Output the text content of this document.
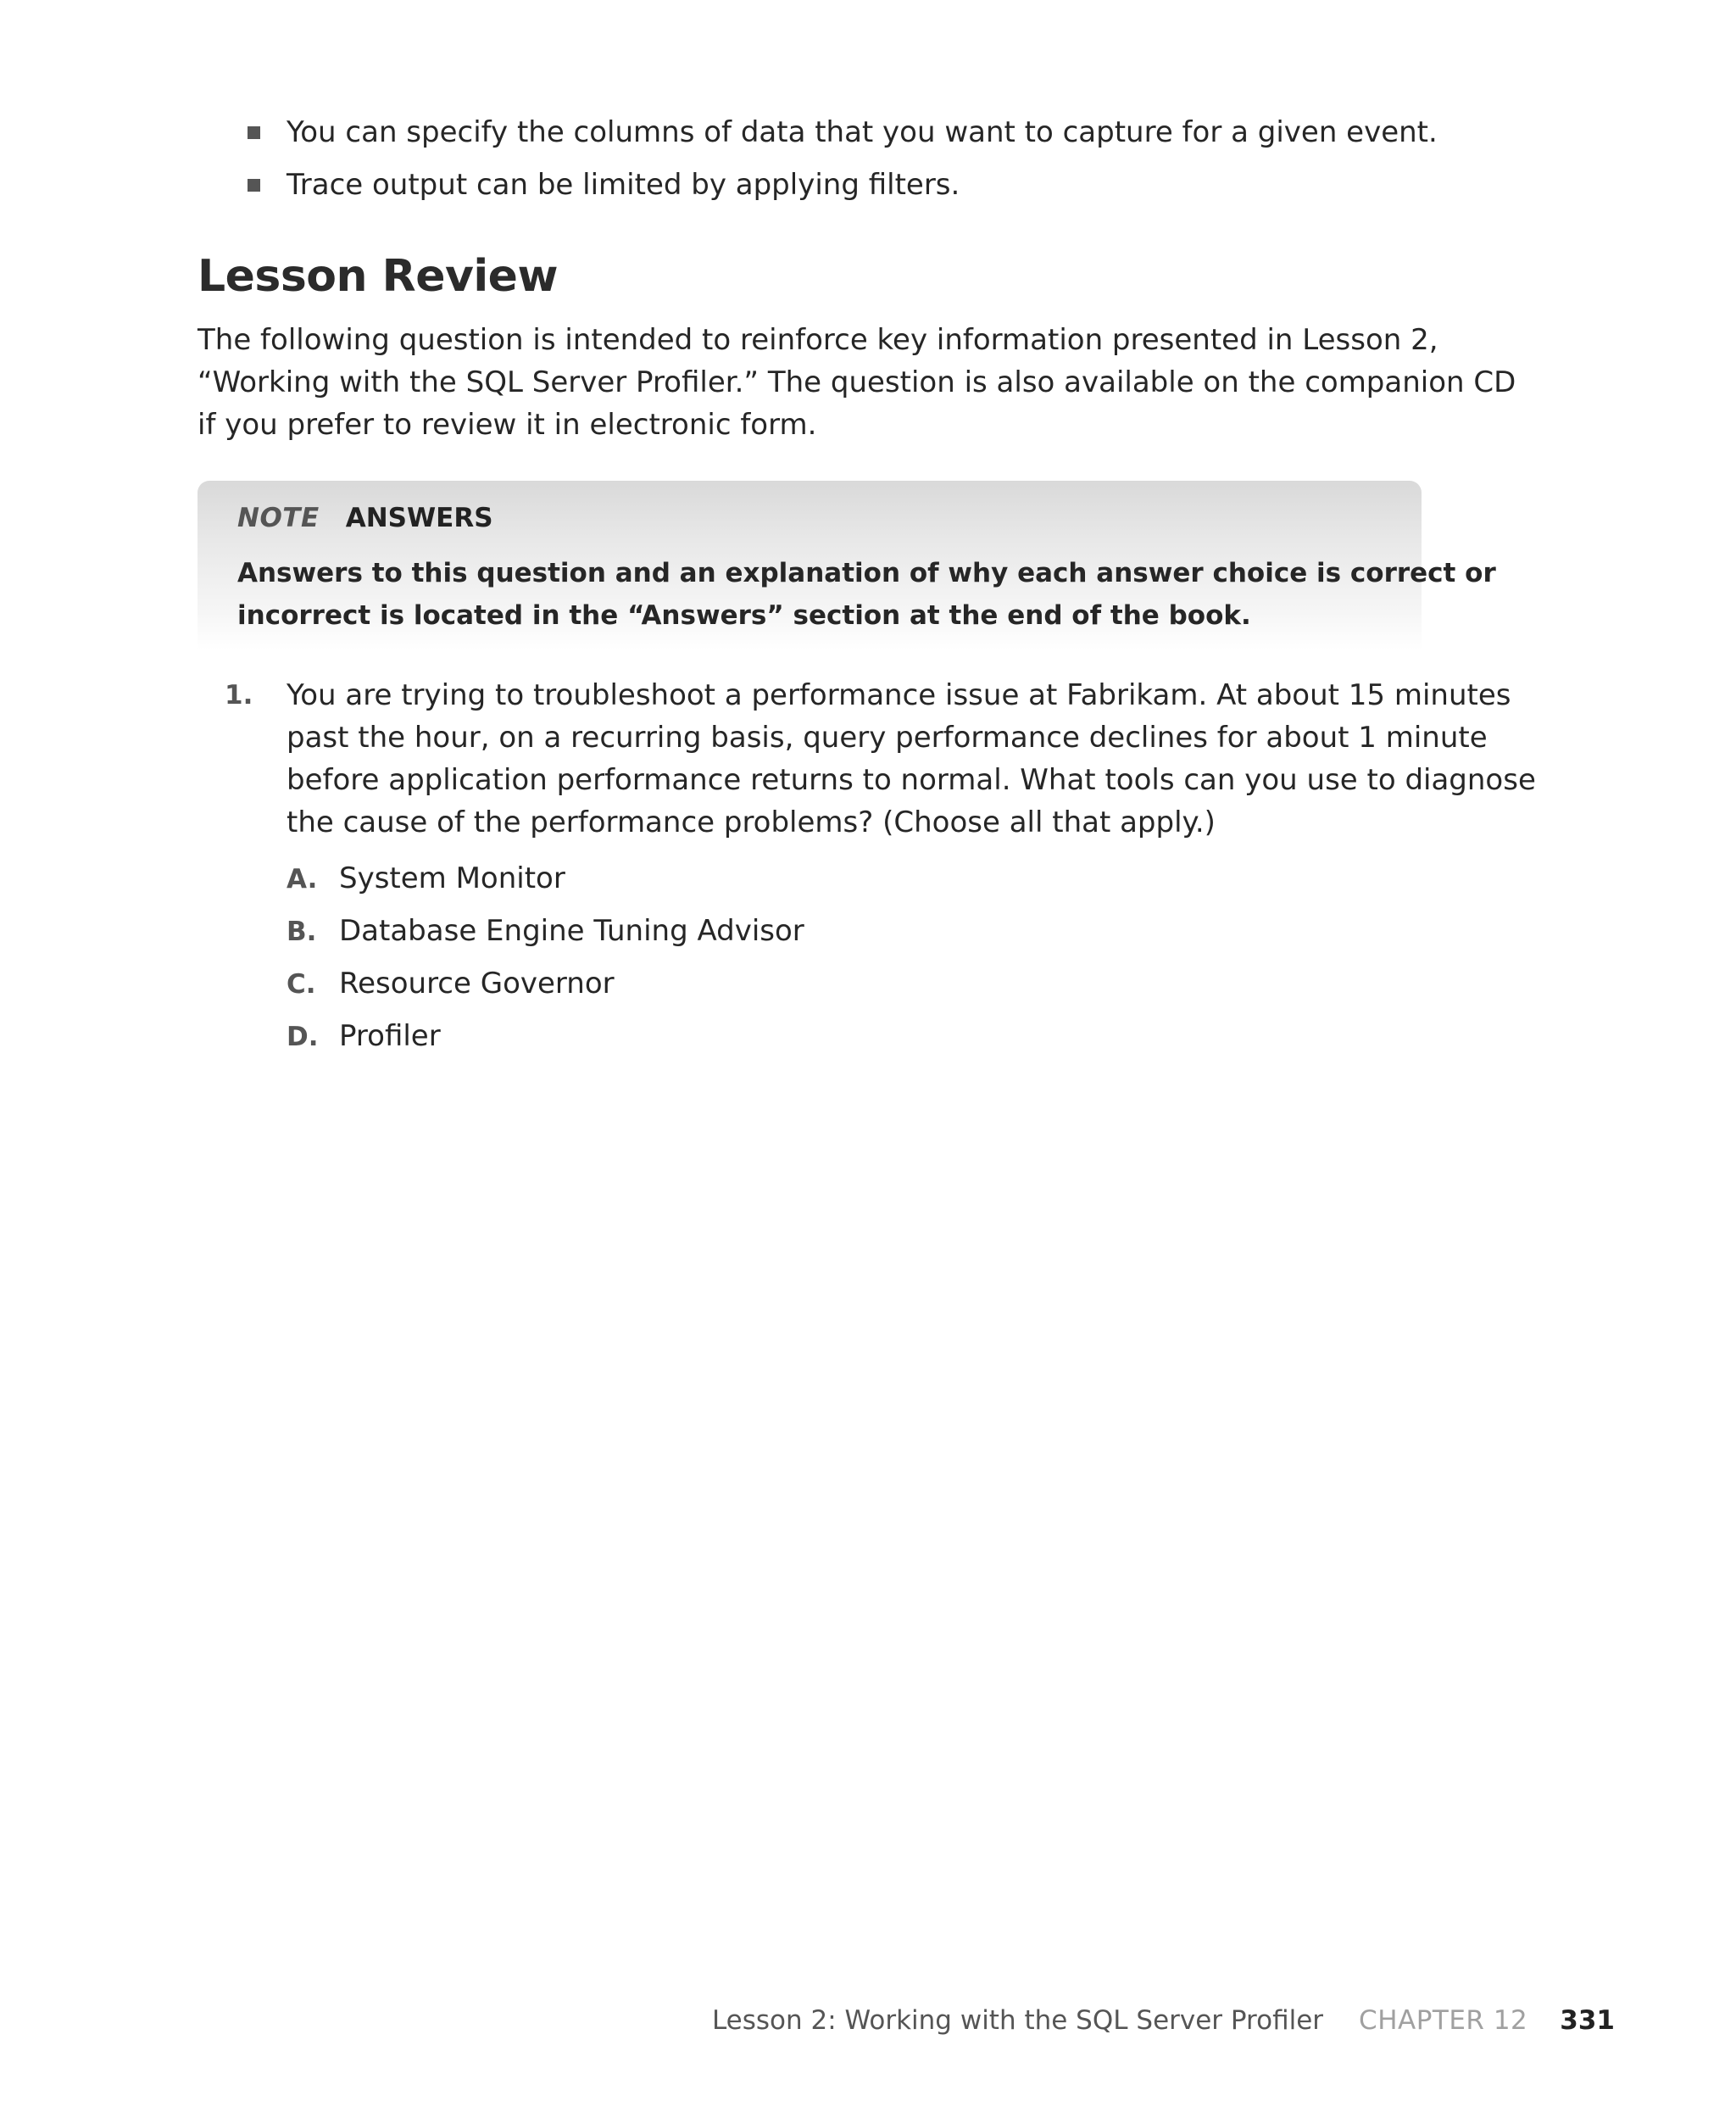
You can specify the columns of data that you want to capture for a given event.
Trace output can be limited by applying filters.
Lesson Review

The following question is intended to reinforce key information presented in Lesson 2,
“Working with the SQL Server Profiler.” The question is also available on the companion CD
if you prefer to review it in electronic form.

NOTE ANSWERS
Answers to this question and an explanation of why each answer choice is correct or
incorrect is located in the “Answers” section at the end of the book.
1. You are trying to troubleshoot a performance issue at Fabrikam. At about 15 minutes
past the hour, on a recurring basis, query performance declines for about 1 minute
before application performance returns to normal. What tools can you use to diagnose
the cause of the performance problems? (Choose all that apply.)
A. System Monitor
B. Database Engine Tuning Advisor
C. Resource Governor
D. Profiler
Lesson 2: Working with the SQL Server Profiler CHAPTER 12 331
